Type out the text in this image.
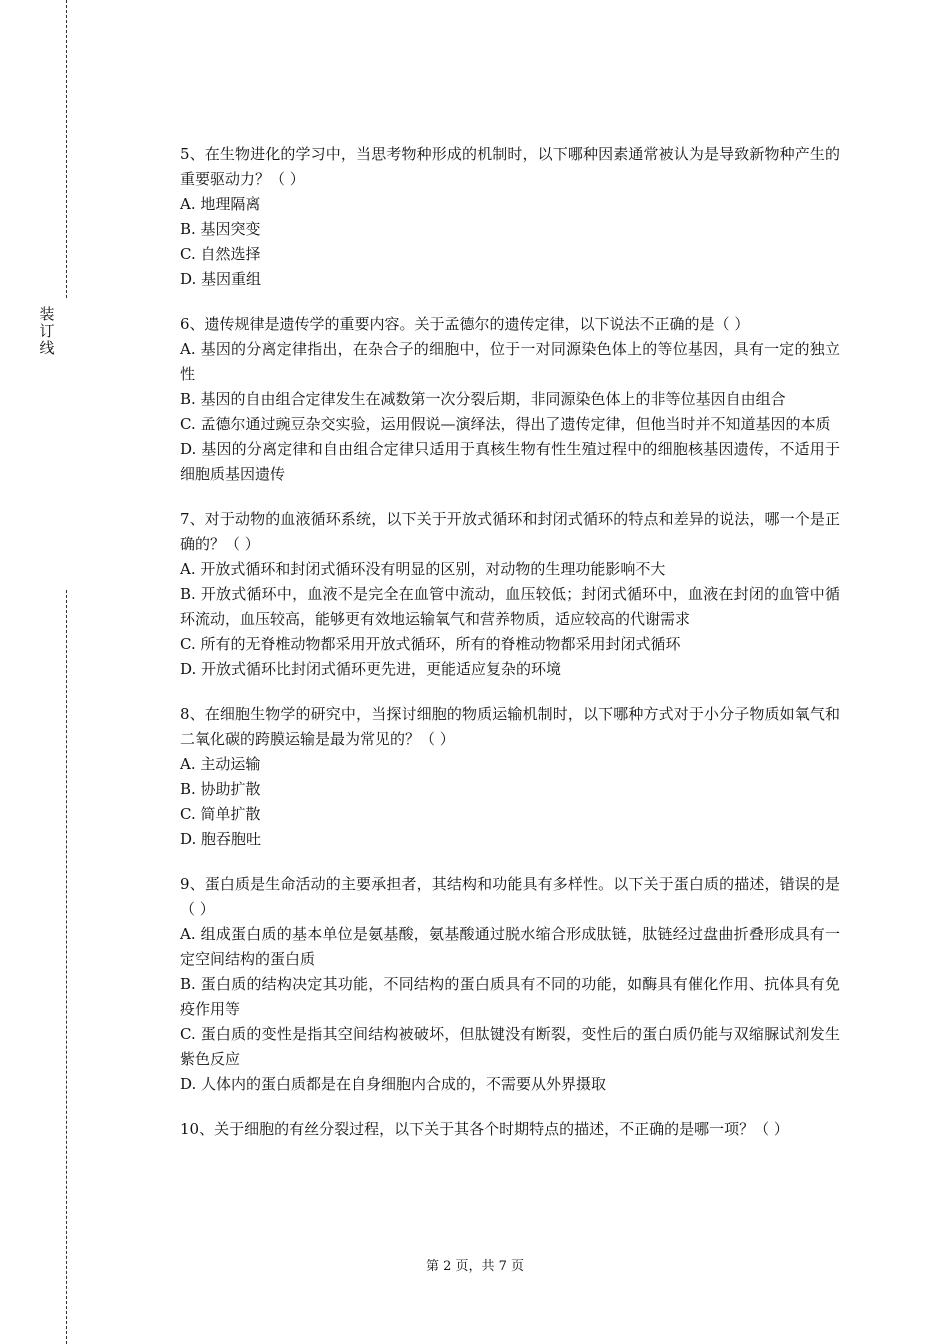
装
订
线
5、在生物进化的学习中，当思考物种形成的机制时，以下哪种因素通常被认为是导致新物种产生的重要驱动力？（ ）

A. 地理隔离

B. 基因突变

C. 自然选择

D. 基因重组

6、遗传规律是遗传学的重要内容。关于孟德尔的遗传定律，以下说法不正确的是（ ）

A. 基因的分离定律指出，在杂合子的细胞中，位于一对同源染色体上的等位基因，具有一定的独立性

B. 基因的自由组合定律发生在减数第一次分裂后期，非同源染色体上的非等位基因自由组合

C. 孟德尔通过豌豆杂交实验，运用假说—演绎法，得出了遗传定律，但他当时并不知道基因的本质

D. 基因的分离定律和自由组合定律只适用于真核生物有性生殖过程中的细胞核基因遗传，不适用于细胞质基因遗传

7、对于动物的血液循环系统，以下关于开放式循环和封闭式循环的特点和差异的说法，哪一个是正确的？（ ）

A. 开放式循环和封闭式循环没有明显的区别，对动物的生理功能影响不大

B. 开放式循环中，血液不是完全在血管中流动，血压较低；封闭式循环中，血液在封闭的血管中循环流动，血压较高，能够更有效地运输氧气和营养物质，适应较高的代谢需求

C. 所有的无脊椎动物都采用开放式循环，所有的脊椎动物都采用封闭式循环

D. 开放式循环比封闭式循环更先进，更能适应复杂的环境

8、在细胞生物学的研究中，当探讨细胞的物质运输机制时，以下哪种方式对于小分子物质如氧气和二氧化碳的跨膜运输是最为常见的？（ ）

A. 主动运输

B. 协助扩散

C. 简单扩散

D. 胞吞胞吐

9、蛋白质是生命活动的主要承担者，其结构和功能具有多样性。以下关于蛋白质的描述，错误的是（ ）

A. 组成蛋白质的基本单位是氨基酸，氨基酸通过脱水缩合形成肽链，肽链经过盘曲折叠形成具有一定空间结构的蛋白质

B. 蛋白质的结构决定其功能，不同结构的蛋白质具有不同的功能，如酶具有催化作用、抗体具有免疫作用等

C. 蛋白质的变性是指其空间结构被破坏，但肽键没有断裂，变性后的蛋白质仍能与双缩脲试剂发生紫色反应

D. 人体内的蛋白质都是在自身细胞内合成的，不需要从外界摄取

10、关于细胞的有丝分裂过程，以下关于其各个时期特点的描述，不正确的是哪一项？（ ）
第 2 页，共 7 页
